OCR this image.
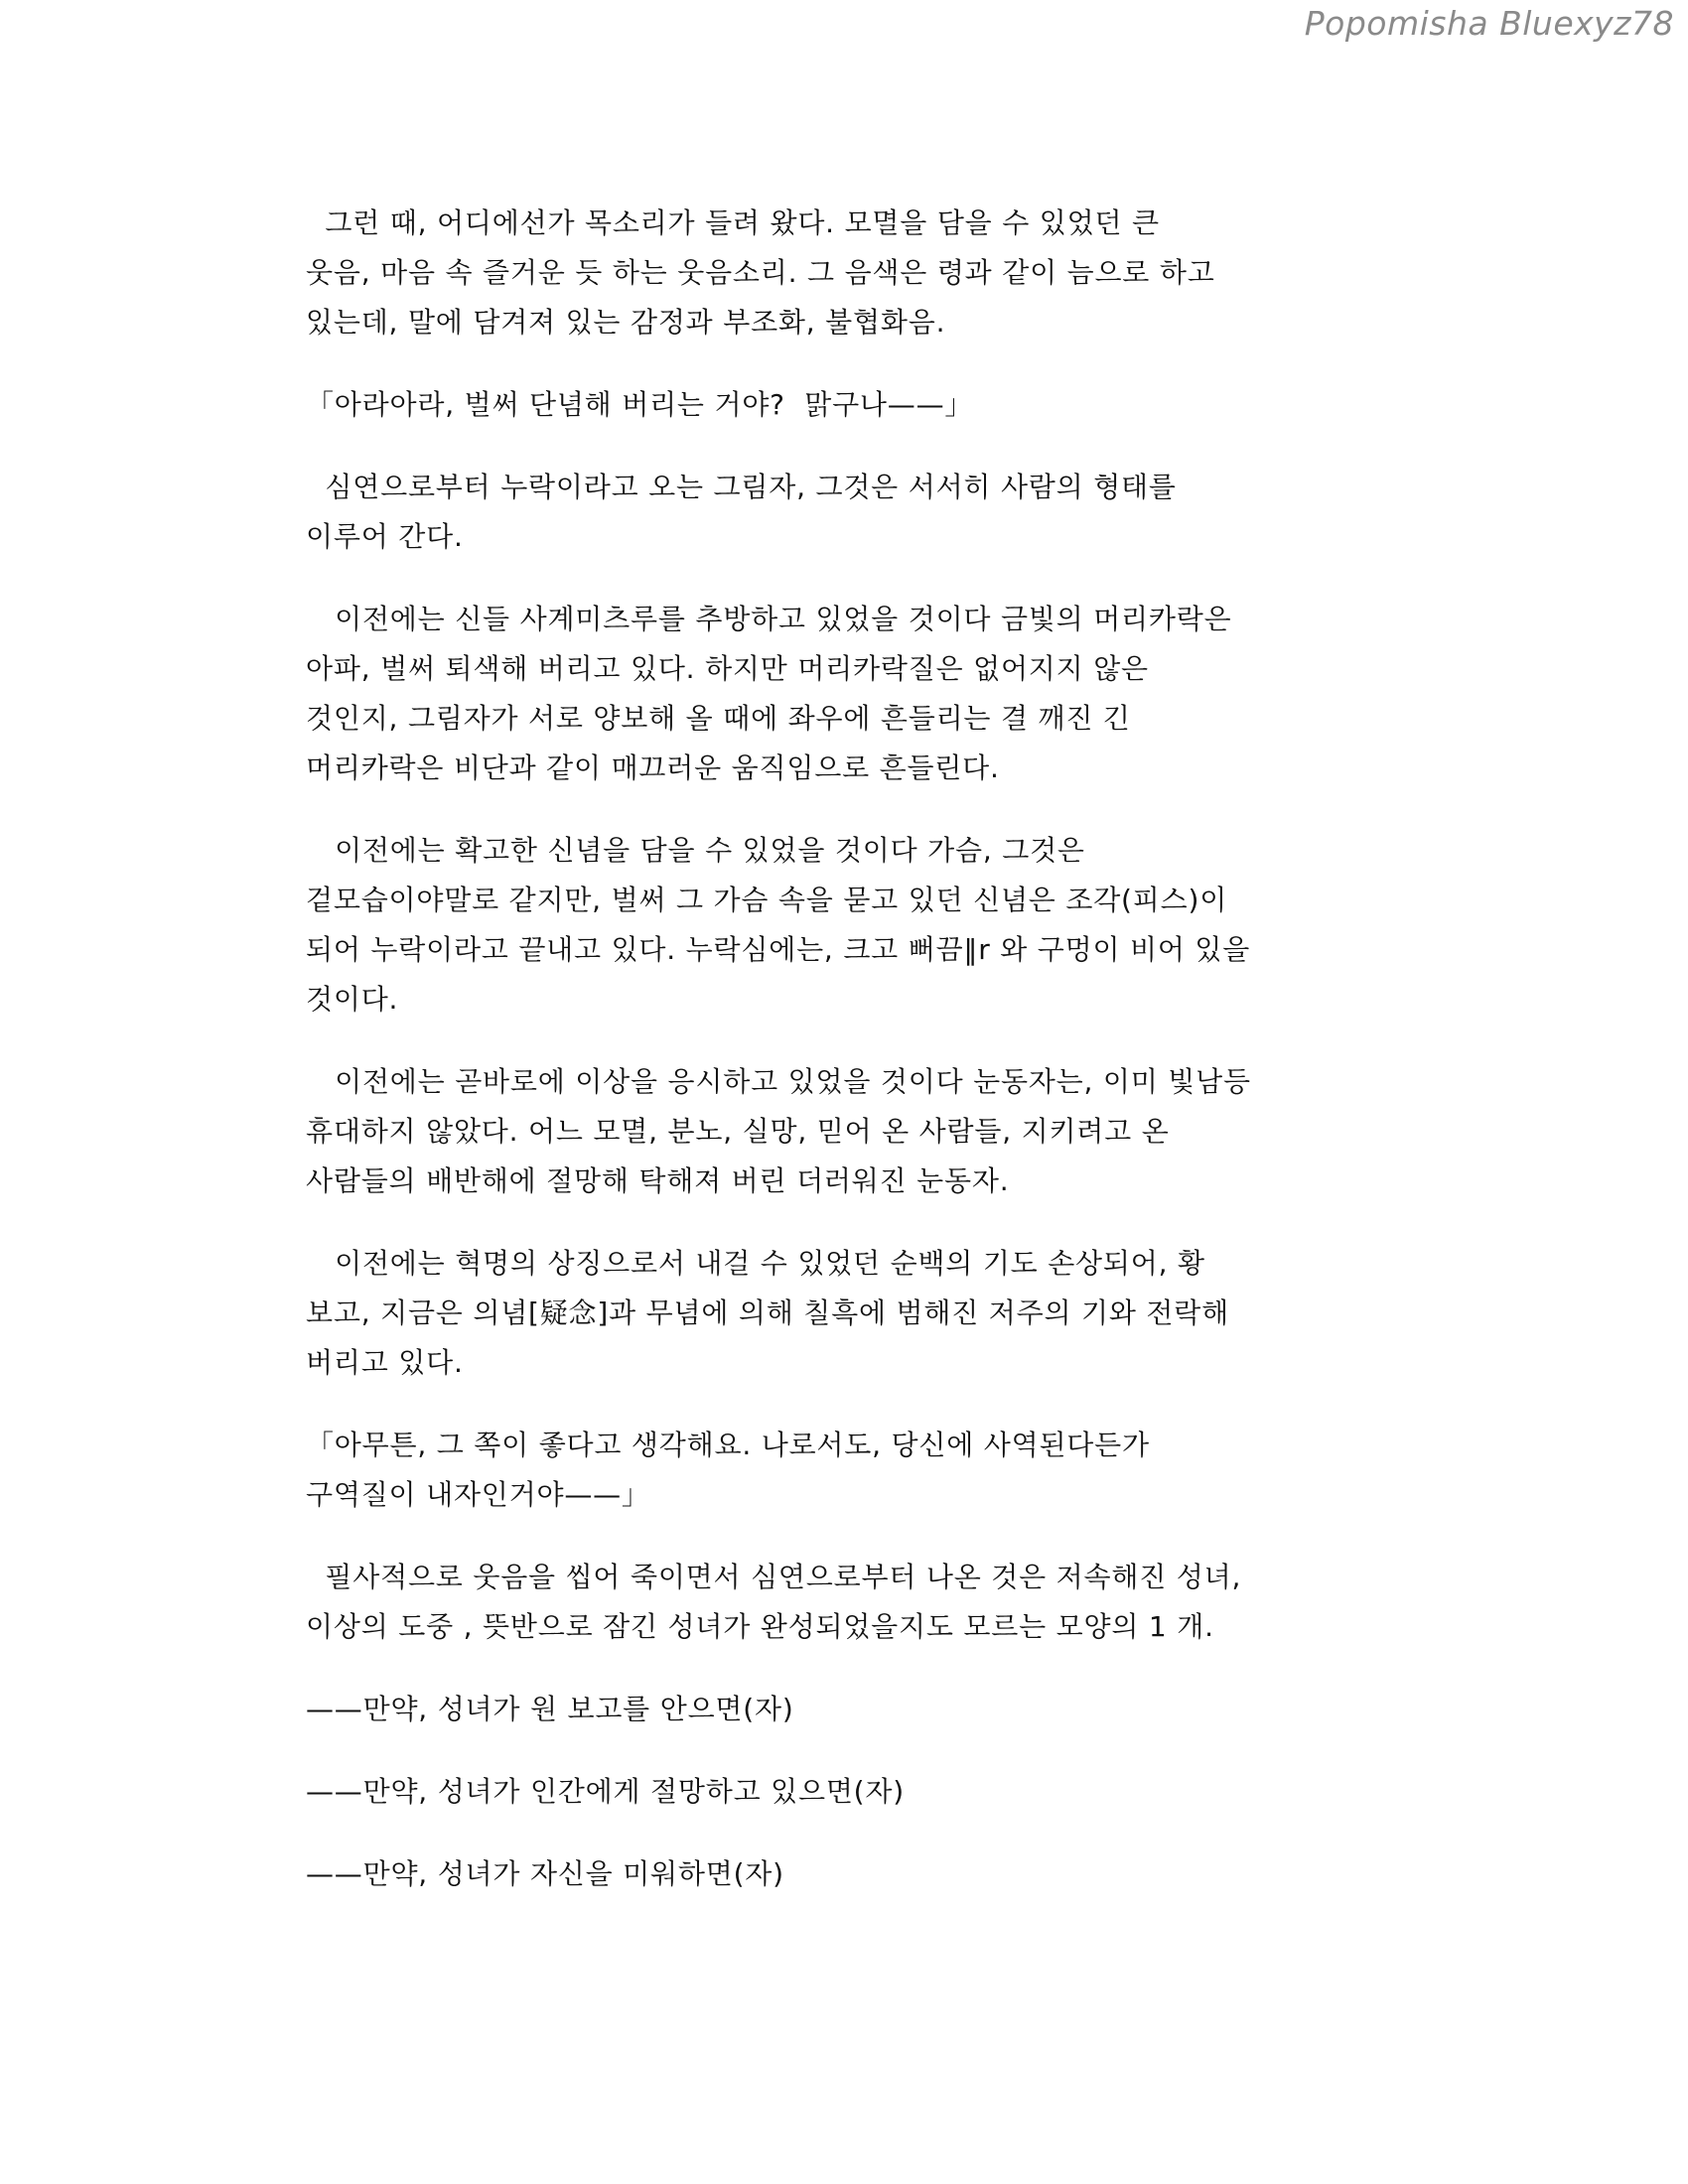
Popomisha Bluexyz78
그런 때, 어디에선가 목소리가 들려 왔다. 모멸을 담을 수 있었던 큰
웃음, 마음 속 즐거운 듯 하는 웃음소리. 그 음색은 령과 같이 늠으로 하고
있는데, 말에 담겨져 있는 감정과 부조화, 불협화음.
「아라아라, 벌써 단념해 버리는 거야?  맑구나——」
심연으로부터 누락이라고 오는 그림자, 그것은 서서히 사람의 형태를
이루어 간다.
이전에는 신들 사계미츠루를 추방하고 있었을 것이다 금빛의 머리카락은
아파, 벌써 퇴색해 버리고 있다. 하지만 머리카락질은 없어지지 않은
것인지, 그림자가 서로 양보해 올 때에 좌우에 흔들리는 결 깨진 긴
머리카락은 비단과 같이 매끄러운 움직임으로 흔들린다.
이전에는 확고한 신념을 담을 수 있었을 것이다 가슴, 그것은
겉모습이야말로 같지만, 벌써 그 가슴 속을 묻고 있던 신념은 조각(피스)이
되어 누락이라고 끝내고 있다. 누락심에는, 크고 뻐끔‖r 와 구멍이 비어 있을
것이다.
이전에는 곧바로에 이상을 응시하고 있었을 것이다 눈동자는, 이미 빛남등
휴대하지 않았다. 어느 모멸, 분노, 실망, 믿어 온 사람들, 지키려고 온
사람들의 배반해에 절망해 탁해져 버린 더러워진 눈동자.
이전에는 혁명의 상징으로서 내걸 수 있었던 순백의 기도 손상되어, 황
보고, 지금은 의념[疑念]과 무념에 의해 칠흑에 범해진 저주의 기와 전락해
버리고 있다.
「아무튼, 그 쪽이 좋다고 생각해요. 나로서도, 당신에 사역된다든가
구역질이 내자인거야——」
필사적으로 웃음을 씹어 죽이면서 심연으로부터 나온 것은 저속해진 성녀,
이상의 도중 , 뜻반으로 잠긴 성녀가 완성되었을지도 모르는 모양의 1 개.
——만약, 성녀가 원 보고를 안으면(자)
——만약, 성녀가 인간에게 절망하고 있으면(자)
——만약, 성녀가 자신을 미워하면(자)
